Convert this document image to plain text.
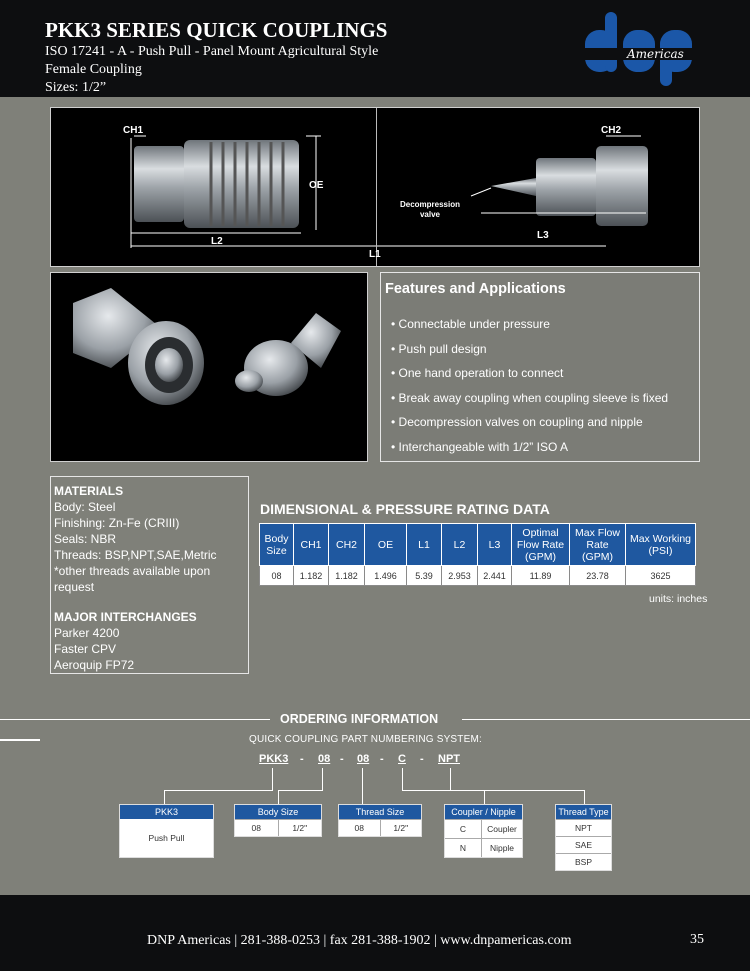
PKK3 SERIES QUICK COUPLINGS
ISO 17241 - A - Push Pull - Panel Mount Agricultural Style
Female Coupling
Sizes: 1/2”
Americas
CH1	CH2
OE
L2
L1
L3
Decompression valve
Features and Applications
• Connectable under pressure
• Push pull design
• One hand operation to connect
• Break away coupling when coupling sleeve is fixed
• Decompression valves on coupling and nipple
• Interchangeable with 1/2” ISO A
MATERIALS
Body: Steel
Finishing: Zn-Fe (CRIII)
Seals: NBR
Threads: BSP,NPT,SAE,Metric
*other threads available upon request
MAJOR INTERCHANGES
Parker 4200
Faster CPV
Aeroquip FP72
DIMENSIONAL & PRESSURE RATING DATA
Body Size	CH1	CH2	OE	L1	L2	L3	Optimal Flow Rate (GPM)	Max Flow Rate (GPM)	Max Working (PSI)
08	1.182	1.182	1.496	5.39	2.953	2.441	11.89	23.78	3625
units: inches
ORDERING INFORMATION
QUICK COUPLING PART NUMBERING SYSTEM:
PKK3 - 08 - 08 - C - NPT
PKK3
Push Pull
Body Size
08	1/2"
Thread Size
08	1/2"
Coupler / Nipple
C	Coupler
N	Nipple
Thread Type
NPT
SAE
BSP
DNP Americas | 281-388-0253 | fax 281-388-1902 | www.dnpamericas.com	35
